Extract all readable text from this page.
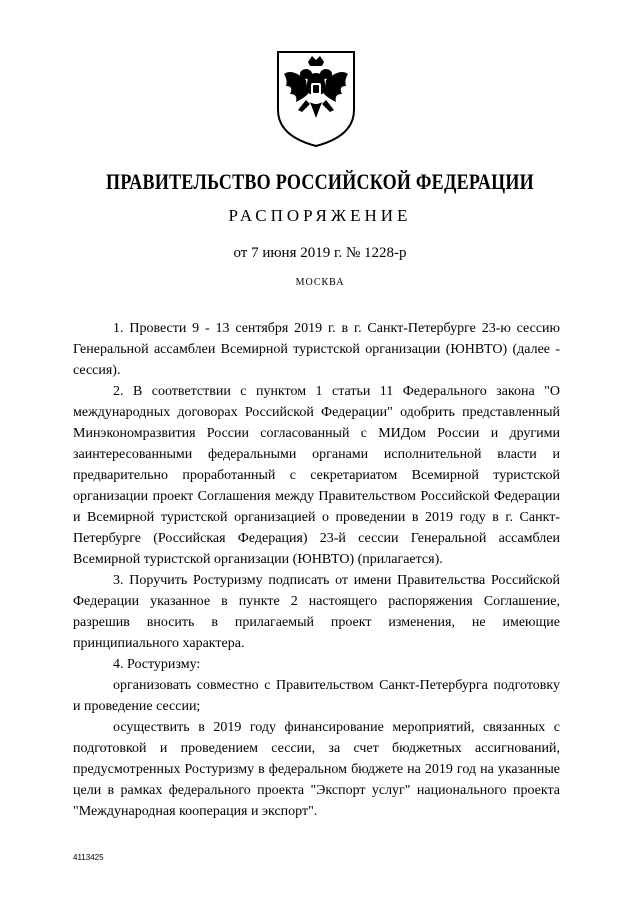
ПРАВИТЕЛЬСТВО РОССИЙСКОЙ ФЕДЕРАЦИИ
РАСПОРЯЖЕНИЕ
от 7 июня 2019 г. № 1228-р
МОСКВА

1. Провести 9 - 13 сентября 2019 г. в г. Санкт-Петербурге 23-ю сессию Генеральной ассамблеи Всемирной туристской организации (ЮНВТО) (далее - сессия).

2. В соответствии с пунктом 1 статьи 11 Федерального закона "О международных договорах Российской Федерации" одобрить представленный Минэкономразвития России согласованный с МИДом России и другими заинтересованными федеральными органами исполнительной власти и предварительно проработанный с секретариатом Всемирной туристской организации проект Соглашения между Правительством Российской Федерации и Всемирной туристской организацией о проведении в 2019 году в г. Санкт-Петербурге (Российская Федерация) 23-й сессии Генеральной ассамблеи Всемирной туристской организации (ЮНВТО) (прилагается).

3. Поручить Ростуризму подписать от имени Правительства Российской Федерации указанное в пункте 2 настоящего распоряжения Соглашение, разрешив вносить в прилагаемый проект изменения, не имеющие принципиального характера.

4. Ростуризму:

организовать совместно с Правительством Санкт-Петербурга подготовку и проведение сессии;

осуществить в 2019 году финансирование мероприятий, связанных с подготовкой и проведением сессии, за счет бюджетных ассигнований, предусмотренных Ростуризму в федеральном бюджете на 2019 год на указанные цели в рамках федерального проекта "Экспорт услуг" национального проекта "Международная кооперация и экспорт".

4113425
